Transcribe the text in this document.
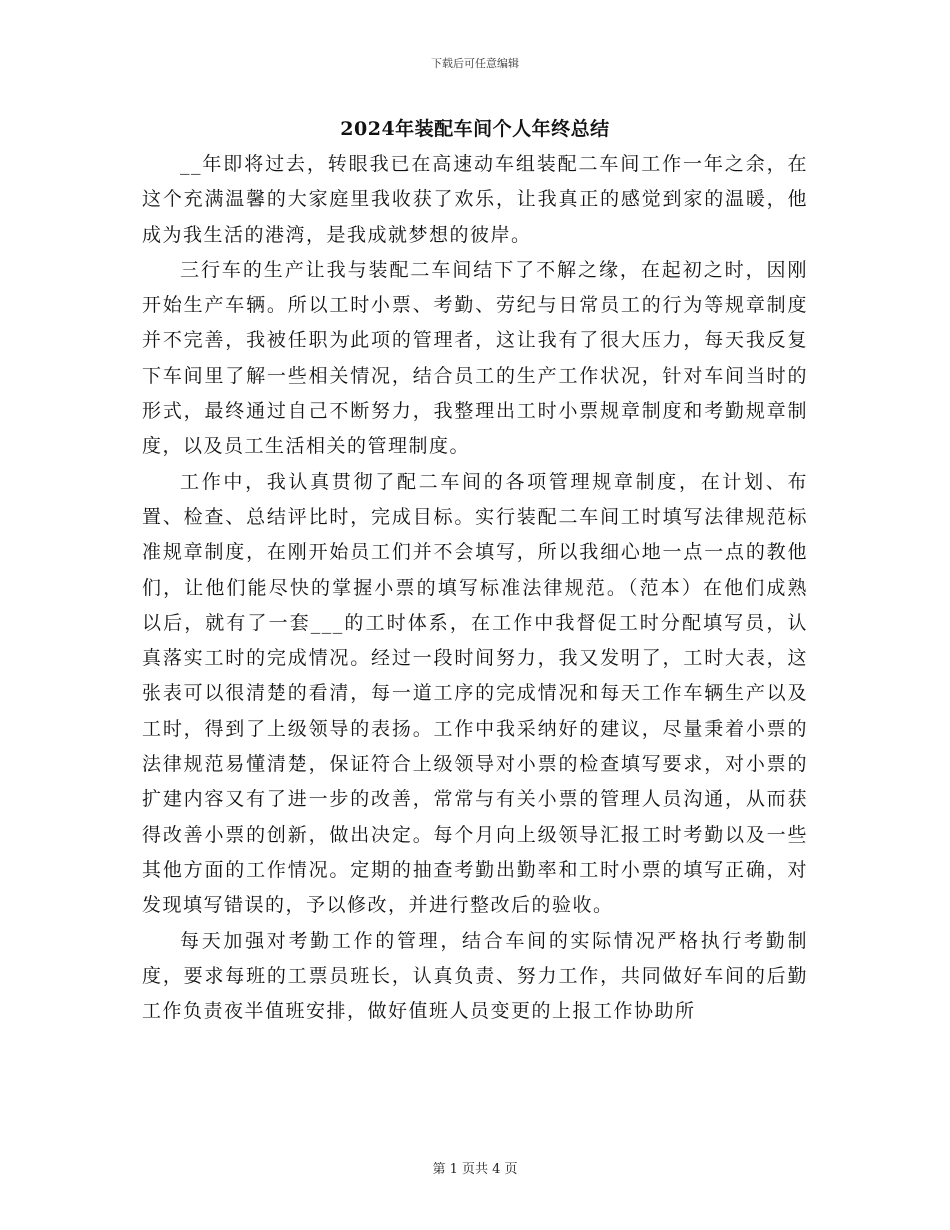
下载后可任意编辑
2024年装配车间个人年终总结

__年即将过去，转眼我已在高速动车组装配二车间工作一年之余，在这个充满温馨的大家庭里我收获了欢乐，让我真正的感觉到家的温暖，他成为我生活的港湾，是我成就梦想的彼岸。

三行车的生产让我与装配二车间结下了不解之缘，在起初之时，因刚开始生产车辆。所以工时小票、考勤、劳纪与日常员工的行为等规章制度并不完善，我被任职为此项的管理者，这让我有了很大压力，每天我反复下车间里了解一些相关情况，结合员工的生产工作状况，针对车间当时的形式，最终通过自己不断努力，我整理出工时小票规章制度和考勤规章制度，以及员工生活相关的管理制度。

工作中，我认真贯彻了配二车间的各项管理规章制度，在计划、布置、检查、总结评比时，完成目标。实行装配二车间工时填写法律规范标准规章制度，在刚开始员工们并不会填写，所以我细心地一点一点的教他们，让他们能尽快的掌握小票的填写标准法律规范。（范本）在他们成熟以后，就有了一套___的工时体系，在工作中我督促工时分配填写员，认真落实工时的完成情况。经过一段时间努力，我又发明了，工时大表，这张表可以很清楚的看清，每一道工序的完成情况和每天工作车辆生产以及工时，得到了上级领导的表扬。工作中我采纳好的建议，尽量秉着小票的法律规范易懂清楚，保证符合上级领导对小票的检查填写要求，对小票的扩建内容又有了进一步的改善，常常与有关小票的管理人员沟通，从而获得改善小票的创新，做出决定。每个月向上级领导汇报工时考勤以及一些其他方面的工作情况。定期的抽查考勤出勤率和工时小票的填写正确，对发现填写错误的，予以修改，并进行整改后的验收。

每天加强对考勤工作的管理，结合车间的实际情况严格执行考勤制度，要求每班的工票员班长，认真负责、努力工作，共同做好车间的后勤工作负责夜半值班安排，做好值班人员变更的上报工作协助所

第 1 页共 4 页
